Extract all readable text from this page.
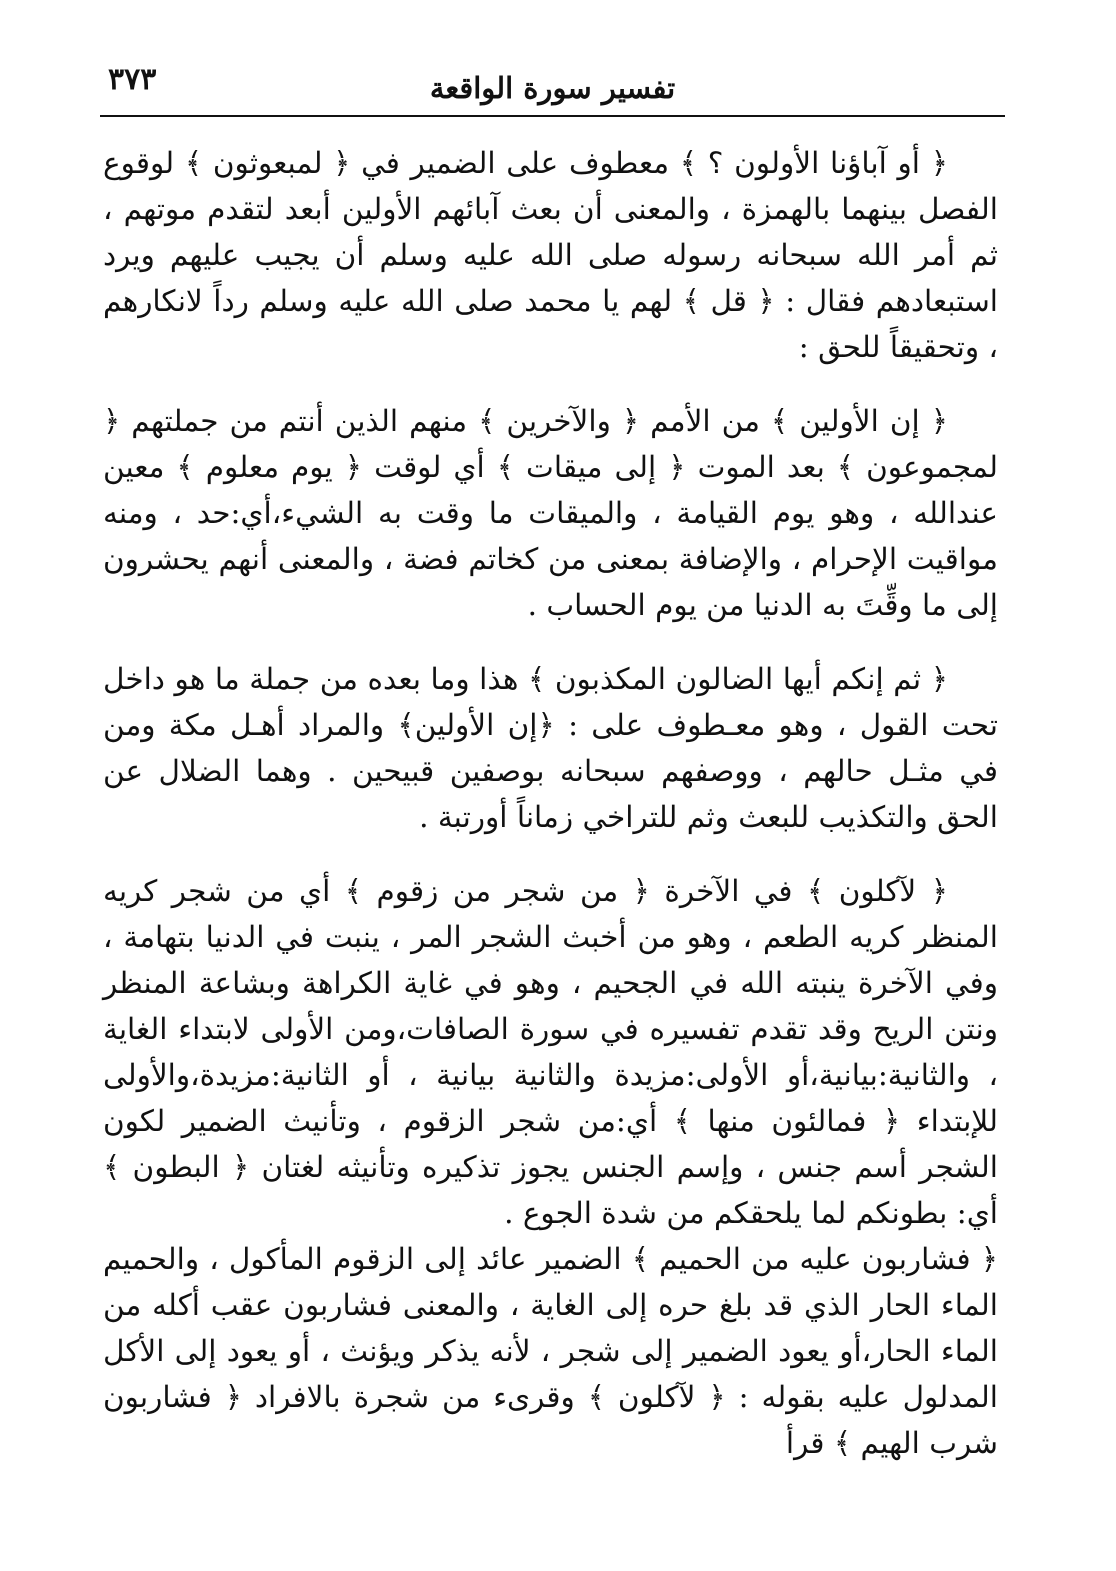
تفسير سورة الواقعة
٣٧٣

﴿ أو آباؤنا الأولون ؟ ﴾ معطوف على الضمير في ﴿ لمبعوثون ﴾ لوقوع الفصل بينهما بالهمزة ، والمعنى أن بعث آبائهم الأولين أبعد لتقدم موتهم ، ثم أمر الله سبحانه رسوله صلى الله عليه وسلم أن يجيب عليهم ويرد استبعادهم فقال : ﴿ قل ﴾ لهم يا محمد صلى الله عليه وسلم رداً لانكارهم ، وتحقيقاً للحق :

﴿ إن الأولين ﴾ من الأمم ﴿ والآخرين ﴾ منهم الذين أنتم من جملتهم ﴿ لمجموعون ﴾ بعد الموت ﴿ إلى ميقات ﴾ أي لوقت ﴿ يوم معلوم ﴾ معين عندالله ، وهو يوم القيامة ، والميقات ما وقت به الشيء،أي:حد ، ومنه مواقيت الإحرام ، والإضافة بمعنى من كخاتم فضة ، والمعنى أنهم يحشرون إلى ما وقِّتَ به الدنيا من يوم الحساب .

﴿ ثم إنكم أيها الضالون المكذبون ﴾ هذا وما بعده من جملة ما هو داخل تحت القول ، وهو معـطوف على : ﴿إن الأولين﴾ والمراد أهـل مكة ومن في مثـل حالهم ، ووصفهم سبحانه بوصفين قبيحين . وهما الضلال عن الحق والتكذيب للبعث وثم للتراخي زماناً أورتبة .

﴿ لآكلون ﴾ في الآخرة ﴿ من شجر من زقوم ﴾ أي من شجر كريه المنظر كريه الطعم ، وهو من أخبث الشجر المر ، ينبت في الدنيا بتهامة ، وفي الآخرة ينبته الله في الجحيم ، وهو في غاية الكراهة وبشاعة المنظر ونتن الريح وقد تقدم تفسيره في سورة الصافات،ومن الأولى لابتداء الغاية ، والثانية:بيانية،أو الأولى:مزيدة والثانية بيانية ، أو الثانية:مزيدة،والأولى للإبتداء ﴿ فمالئون منها ﴾ أي:من شجر الزقوم ، وتأنيث الضمير لكون الشجر أسم جنس ، وإسم الجنس يجوز تذكيره وتأنيثه لغتان ﴿ البطون ﴾ أي: بطونكم لما يلحقكم من شدة الجوع .

﴿ فشاربون عليه من الحميم ﴾ الضمير عائد إلى الزقوم المأكول ، والحميم الماء الحار الذي قد بلغ حره إلى الغاية ، والمعنى فشاربون عقب أكله من الماء الحار،أو يعود الضمير إلى شجر ، لأنه يذكر ويؤنث ، أو يعود إلى الأكل المدلول عليه بقوله : ﴿ لآكلون ﴾ وقرىء من شجرة بالافراد ﴿ فشاربون شرب الهيم ﴾ قرأ
